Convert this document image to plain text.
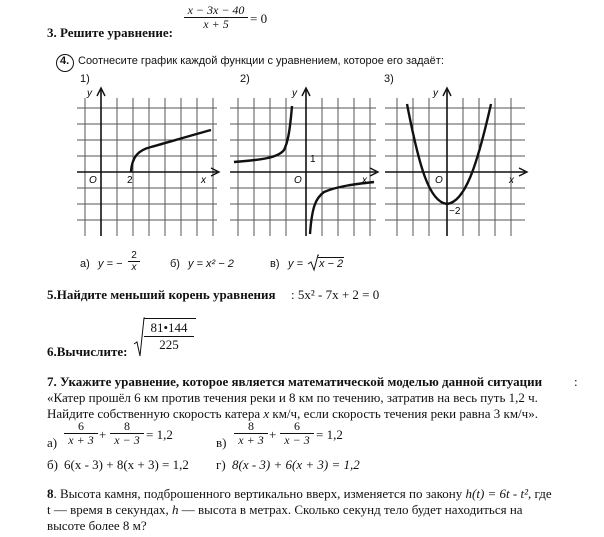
3. Решите уравнение:
$\frac{x - 3x - 40}{x + 5} = 0$
4. Соотнесите график каждой функции с уравнением, которое его задаёт:
1)	2)	3)
y
O	2	x
y
O
1
x
y
O
−2
x
а) y = − $\frac{2}{x}$	б) y = x² − 2	в) y = x − 2
5.Найдите меньший корень уравнения : 5x² - 7x + 2 = 0
6.Вычислите: $\frac{81•144}{225}$
7. Укажите уравнение, которое является математической моделью данной ситуации :
«Катер прошёл 6 км против течения реки и 8 км по течению, затратив на весь путь 1,2 ч.
Найдите собственную скорость катера x км/ч, если скорость течения реки равна 3 км/ч».
$а) \frac{6}{x + 3} + \frac{8}{x - 3} = 1,2$
$в) \frac{8}{x + 3} + \frac{6}{x - 3} = 1,2$
б) 6(x - 3) + 8(x + 3) = 1,2 г) 8(x - 3) + 6(x + 3) = 1,2
8. Высота камня, подброшенного вертикально вверх, изменяется по закону h(t) = 6t - t², где
t — время в секундах, h — высота в метрах. Сколько секунд тело будет находиться на
высоте более 8 м?
